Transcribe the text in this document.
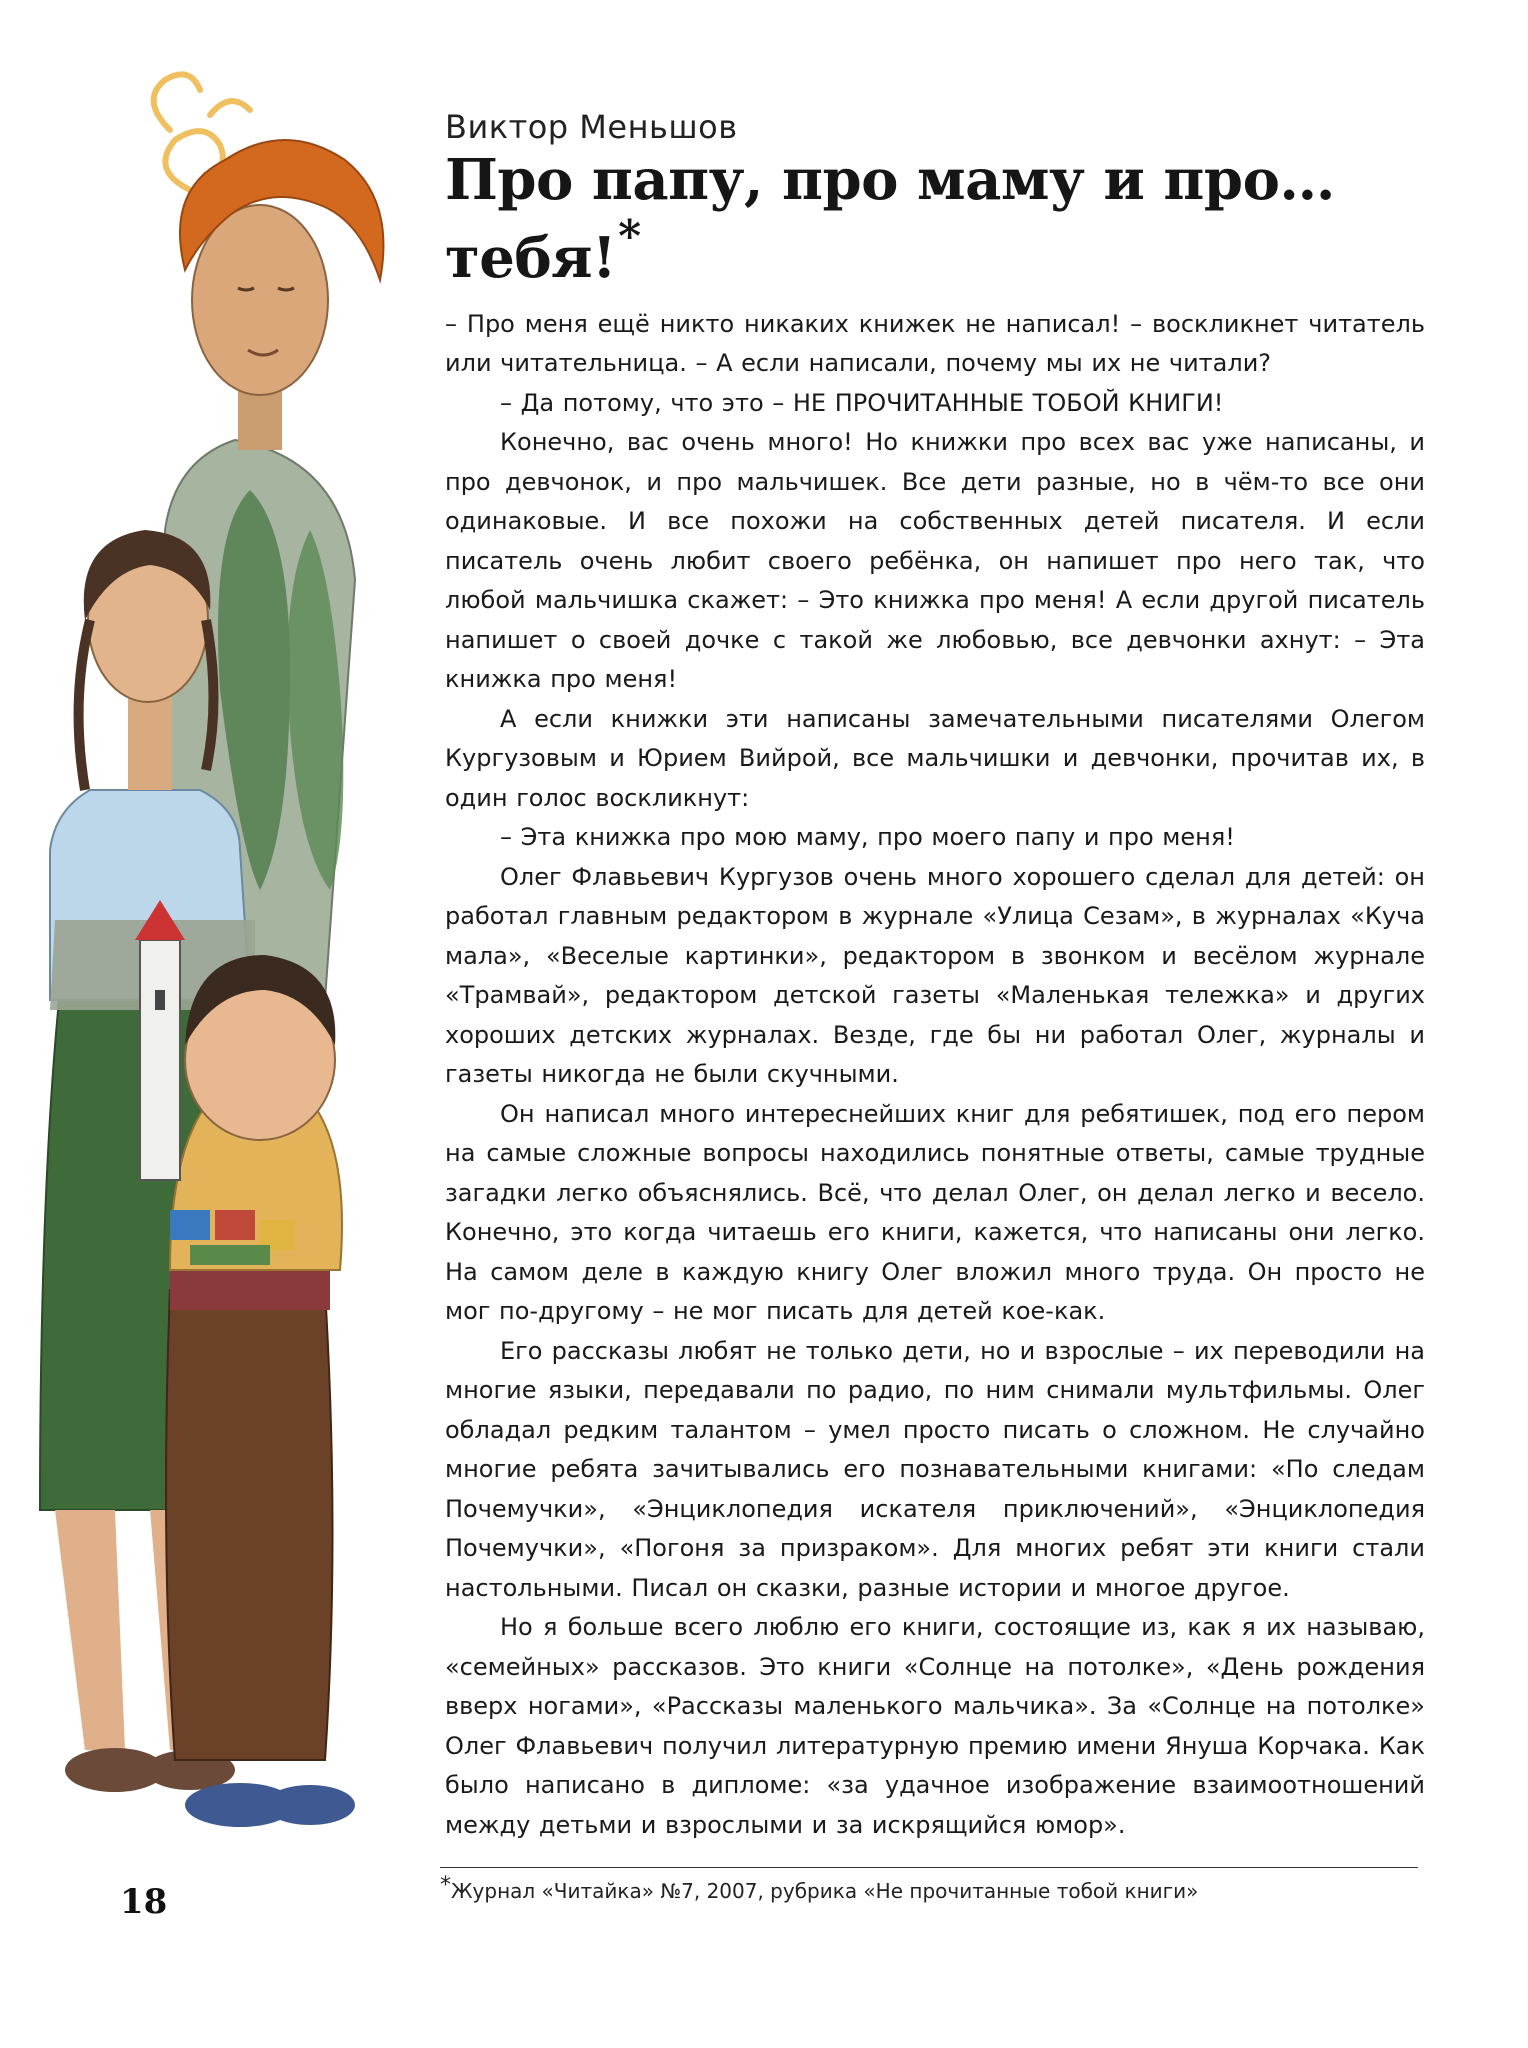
Виктор Меньшов
Про папу, про маму и про… тебя!*

– Про меня ещё никто никаких книжек не написал! – воскликнет читатель или читательница. – А если написали, почему мы их не читали?

– Да потому, что это – НЕ ПРОЧИТАННЫЕ ТОБОЙ КНИГИ!

Конечно, вас очень много! Но книжки про всех вас уже написаны, и про девчонок, и про мальчишек. Все дети разные, но в чём-то все они одинаковые. И все похожи на собственных детей писателя. И если писатель очень любит своего ребёнка, он напишет про него так, что любой мальчишка скажет: – Это книжка про меня! А если другой писатель напишет о своей дочке с такой же любовью, все девчонки ахнут: – Эта книжка про меня!

А если книжки эти написаны замечательными писателями Олегом Кургузовым и Юрием Вийрой, все мальчишки и девчонки, прочитав их, в один голос воскликнут:

– Эта книжка про мою маму, про моего папу и про меня!

Олег Флавьевич Кургузов очень много хорошего сделал для детей: он работал главным редактором в журнале «Улица Сезам», в журналах «Куча мала», «Веселые картинки», редактором в звонком и весёлом журнале «Трамвай», редактором детской газеты «Маленькая тележка» и других хороших детских журналах. Везде, где бы ни работал Олег, журналы и газеты никогда не были скучными.

Он написал много интереснейших книг для ребятишек, под его пером на самые сложные вопросы находились понятные ответы, самые трудные загадки легко объяснялись. Всё, что делал Олег, он делал легко и весело. Конечно, это когда читаешь его книги, кажется, что написаны они легко. На самом деле в каждую книгу Олег вложил много труда. Он просто не мог по-другому – не мог писать для детей кое-как.

Его рассказы любят не только дети, но и взрослые – их переводили на многие языки, передавали по радио, по ним снимали мультфильмы. Олег обладал редким талантом – умел просто писать о сложном. Не случайно многие ребята зачитывались его познавательными книгами: «По следам Почемучки», «Энциклопедия искателя приключений», «Энциклопедия Почемучки», «Погоня за призраком». Для многих ребят эти книги стали настольными. Писал он сказки, разные истории и многое другое.

Но я больше всего люблю его книги, состоящие из, как я их называю, «семейных» рассказов. Это книги «Солнце на потолке», «День рождения вверх ногами», «Рассказы маленького мальчика». За «Солнце на потолке» Олег Флавьевич получил литературную премию имени Януша Корчака. Как было написано в дипломе: «за удачное изображение взаимоотношений между детьми и взрослыми и за искрящийся юмор».

*Журнал «Читайка» №7, 2007, рубрика «Не прочитанные тобой книги»
18
